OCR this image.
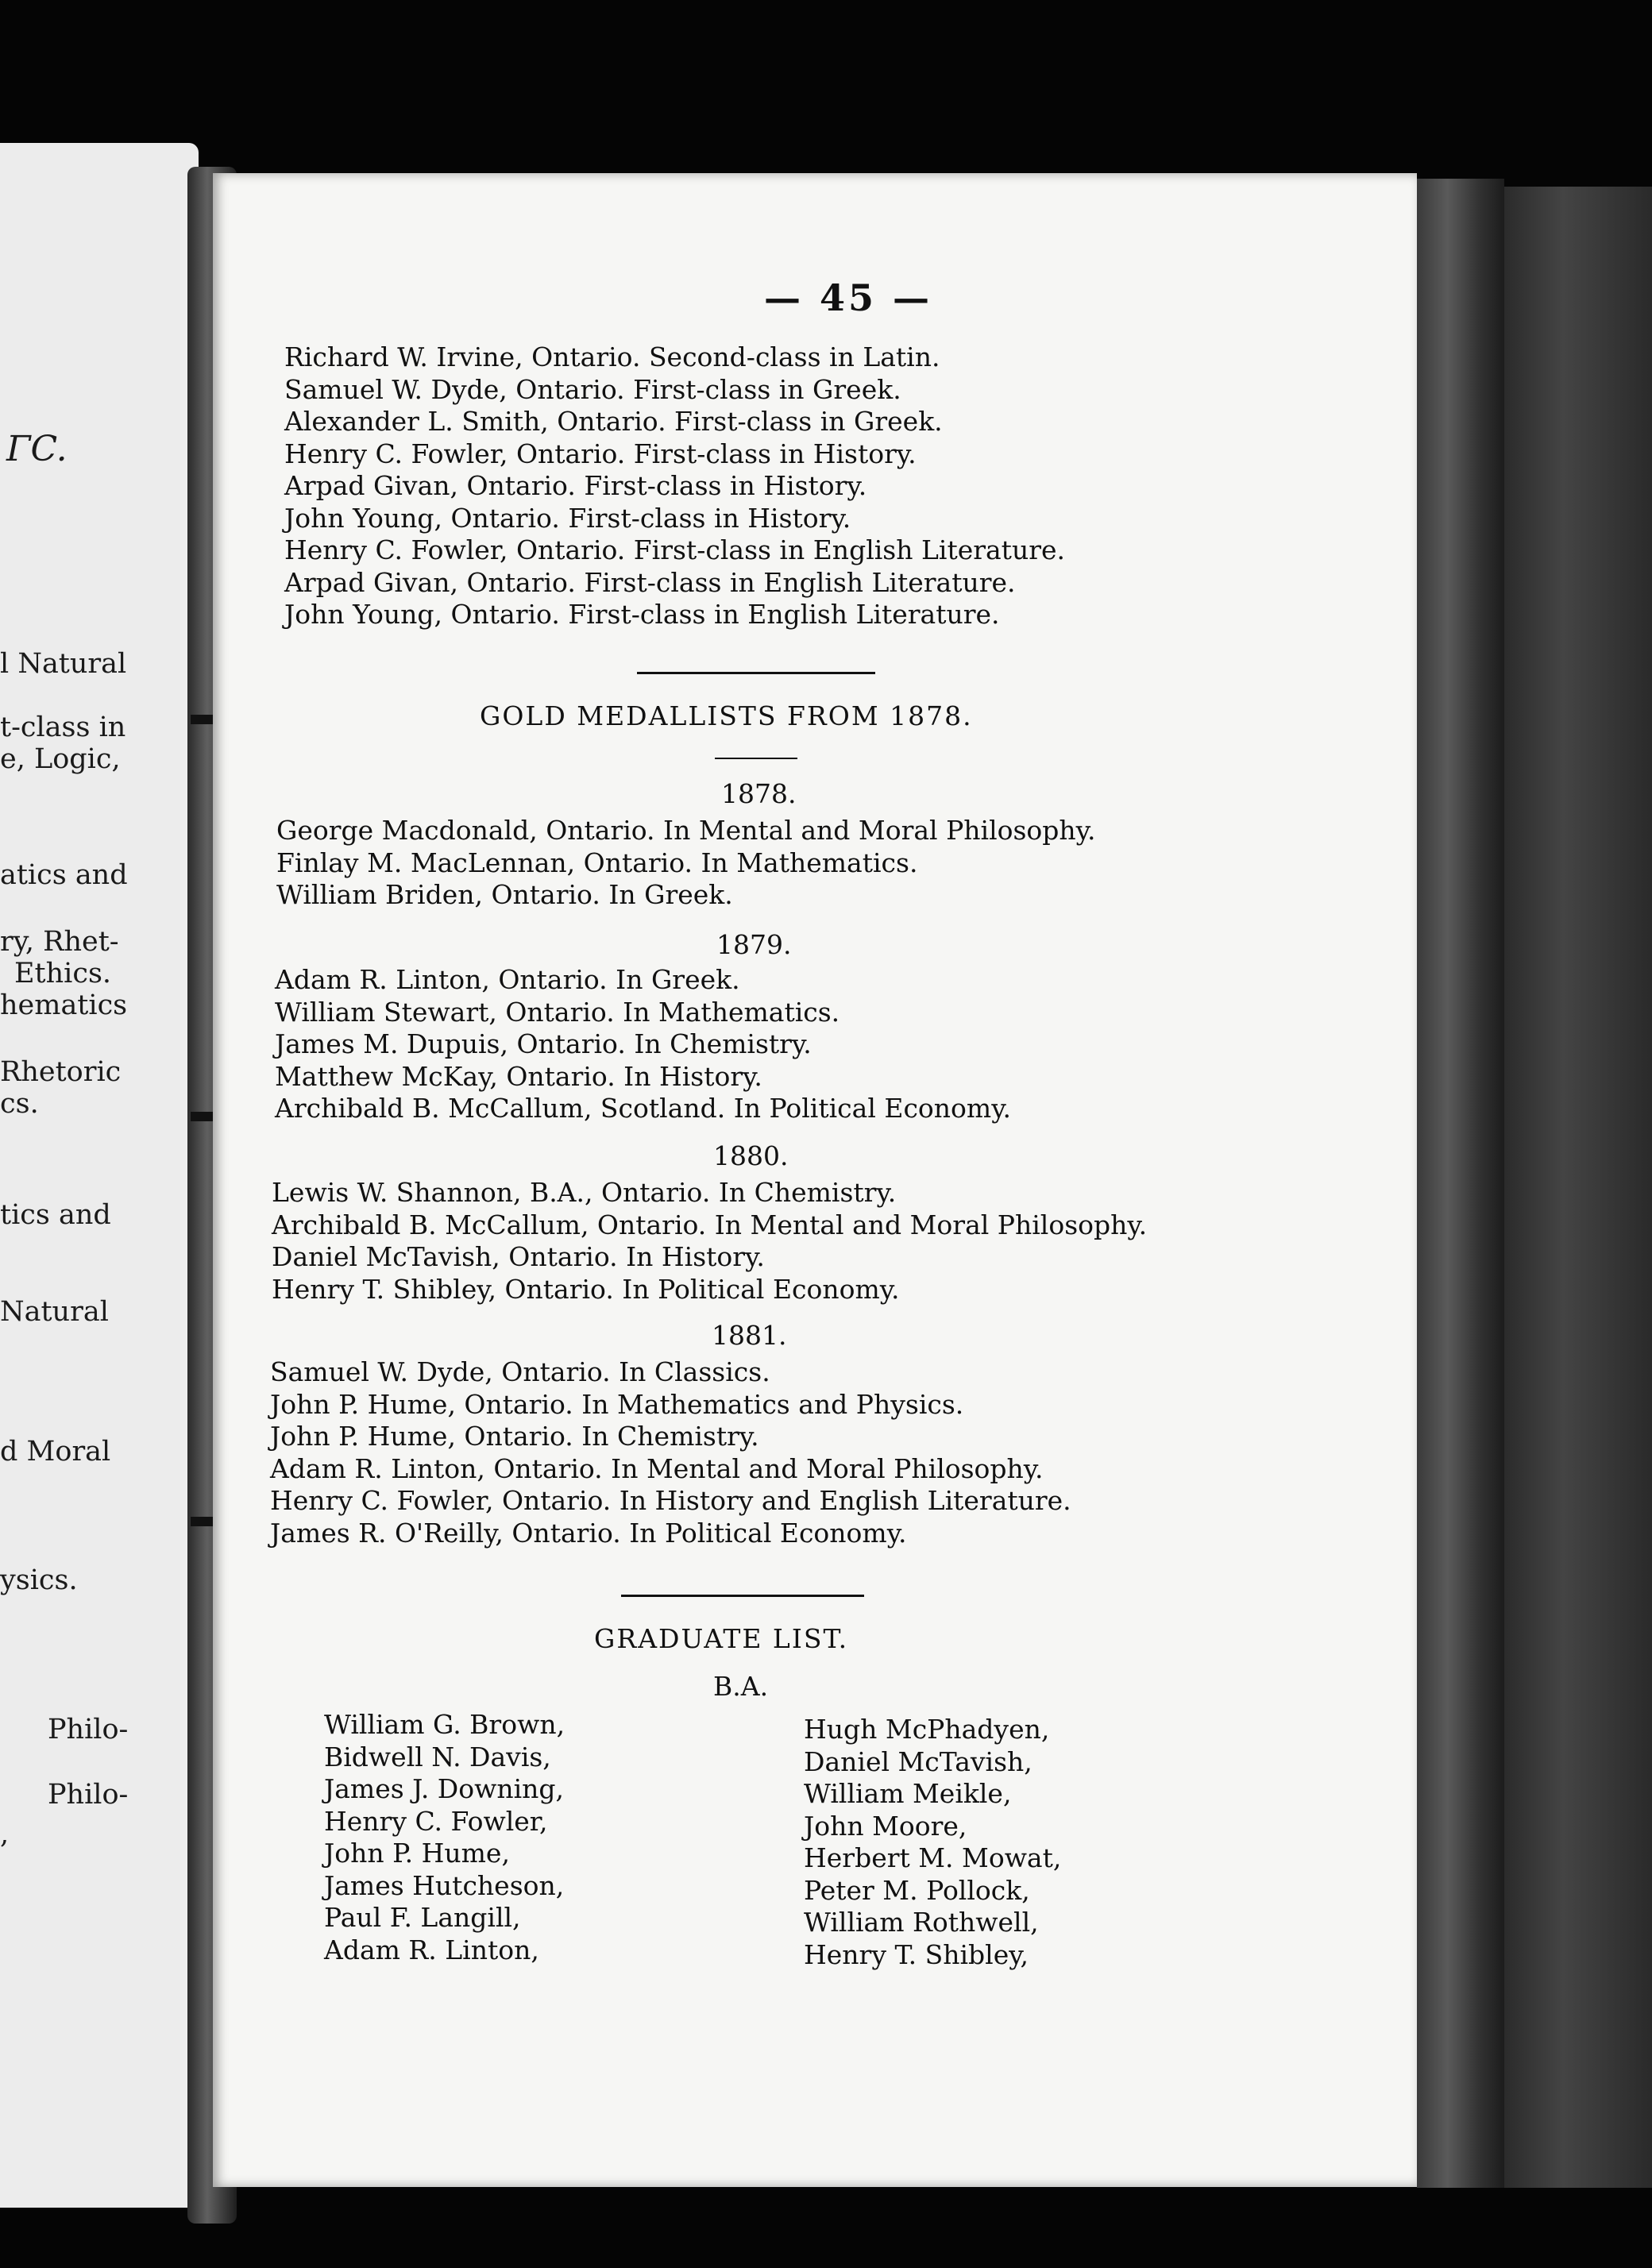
ΓC.
l Natural
t-class in
e, Logic,
atics and
ry, Rhet-
Ethics.
hematics
Rhetoric
cs.
tics and
Natural
d Moral
ysics.
Philo-
Philo-
,
— 45 —
Richard W. Irvine, Ontario. Second-class in Latin.
Samuel W. Dyde, Ontario. First-class in Greek.
Alexander L. Smith, Ontario. First-class in Greek.
Henry C. Fowler, Ontario. First-class in History.
Arpad Givan, Ontario. First-class in History.
John Young, Ontario. First-class in History.
Henry C. Fowler, Ontario. First-class in English Literature.
Arpad Givan, Ontario. First-class in English Literature.
John Young, Ontario. First-class in English Literature.
GOLD MEDALLISTS FROM 1878.
1878.
George Macdonald, Ontario. In Mental and Moral Philosophy.
Finlay M. MacLennan, Ontario. In Mathematics.
William Briden, Ontario. In Greek.
1879.
Adam R. Linton, Ontario. In Greek.
William Stewart, Ontario. In Mathematics.
James M. Dupuis, Ontario. In Chemistry.
Matthew McKay, Ontario. In History.
Archibald B. McCallum, Scotland. In Political Economy.
1880.
Lewis W. Shannon, B.A., Ontario. In Chemistry.
Archibald B. McCallum, Ontario. In Mental and Moral Philosophy.
Daniel McTavish, Ontario. In History.
Henry T. Shibley, Ontario. In Political Economy.
1881.
Samuel W. Dyde, Ontario. In Classics.
John P. Hume, Ontario. In Mathematics and Physics.
John P. Hume, Ontario. In Chemistry.
Adam R. Linton, Ontario. In Mental and Moral Philosophy.
Henry C. Fowler, Ontario. In History and English Literature.
James R. O'Reilly, Ontario. In Political Economy.
GRADUATE LIST.
B.A.
William G. Brown,
Bidwell N. Davis,
James J. Downing,
Henry C. Fowler,
John P. Hume,
James Hutcheson,
Paul F. Langill,
Adam R. Linton,
Hugh McPhadyen,
Daniel McTavish,
William Meikle,
John Moore,
Herbert M. Mowat,
Peter M. Pollock,
William Rothwell,
Henry T. Shibley,
